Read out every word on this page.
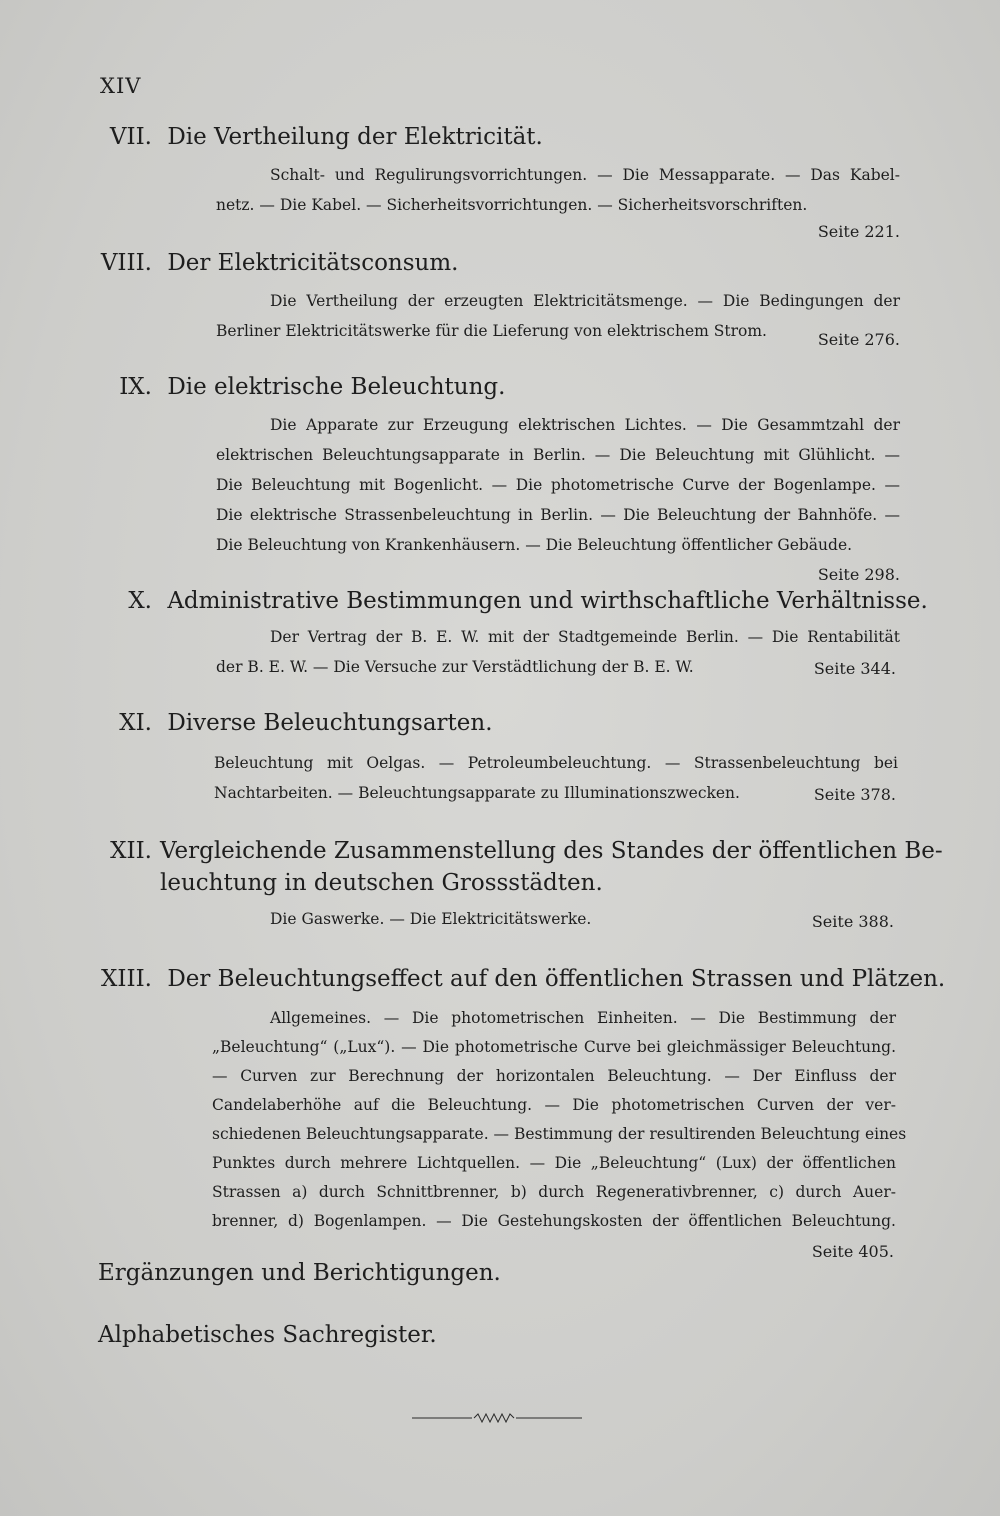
XIV
VII. Die Vertheilung der Elektricität.
Schalt- und Regulirungsvorrichtungen. — Die Messapparate. — Das Kabel-
netz. — Die Kabel. — Sicherheitsvorrichtungen. — Sicherheitsvorschriften.
Seite 221.
VIII. Der Elektricitätsconsum.
Die Vertheilung der erzeugten Elektricitätsmenge. — Die Bedingungen der
Berliner Elektricitätswerke für die Lieferung von elektrischem Strom.	Seite 276.
IX. Die elektrische Beleuchtung.
Die Apparate zur Erzeugung elektrischen Lichtes. — Die Gesammtzahl der
elektrischen Beleuchtungsapparate in Berlin. — Die Beleuchtung mit Glühlicht. —
Die Beleuchtung mit Bogenlicht. — Die photometrische Curve der Bogenlampe. —
Die elektrische Strassenbeleuchtung in Berlin. — Die Beleuchtung der Bahnhöfe. —
Die Beleuchtung von Krankenhäusern. — Die Beleuchtung öffentlicher Gebäude.
Seite 298.
X. Administrative Bestimmungen und wirthschaftliche Verhältnisse.
Der Vertrag der B. E. W. mit der Stadtgemeinde Berlin. — Die Rentabilität
der B. E. W. — Die Versuche zur Verstädtlichung der B. E. W.	Seite 344.
XI. Diverse Beleuchtungsarten.
Beleuchtung mit Oelgas. — Petroleumbeleuchtung. — Strassenbeleuchtung bei
Nachtarbeiten. — Beleuchtungsapparate zu Illuminationszwecken.	Seite 378.
XII. Vergleichende Zusammenstellung des Standes der öffentlichen Be-
leuchtung in deutschen Grossstädten.
Die Gaswerke. — Die Elektricitätswerke.	Seite 388.
XIII. Der Beleuchtungseffect auf den öffentlichen Strassen und Plätzen.
Allgemeines. — Die photometrischen Einheiten. — Die Bestimmung der
„Beleuchtung“ („Lux“). — Die photometrische Curve bei gleichmässiger Beleuchtung.
— Curven zur Berechnung der horizontalen Beleuchtung. — Der Einfluss der
Candelaberhöhe auf die Beleuchtung. — Die photometrischen Curven der ver-
schiedenen Beleuchtungsapparate. — Bestimmung der resultirenden Beleuchtung eines
Punktes durch mehrere Lichtquellen. — Die „Beleuchtung“ (Lux) der öffentlichen
Strassen a) durch Schnittbrenner, b) durch Regenerativbrenner, c) durch Auer-
brenner, d) Bogenlampen. — Die Gestehungskosten der öffentlichen Beleuchtung.
Seite 405.
Ergänzungen und Berichtigungen.
Alphabetisches Sachregister.
